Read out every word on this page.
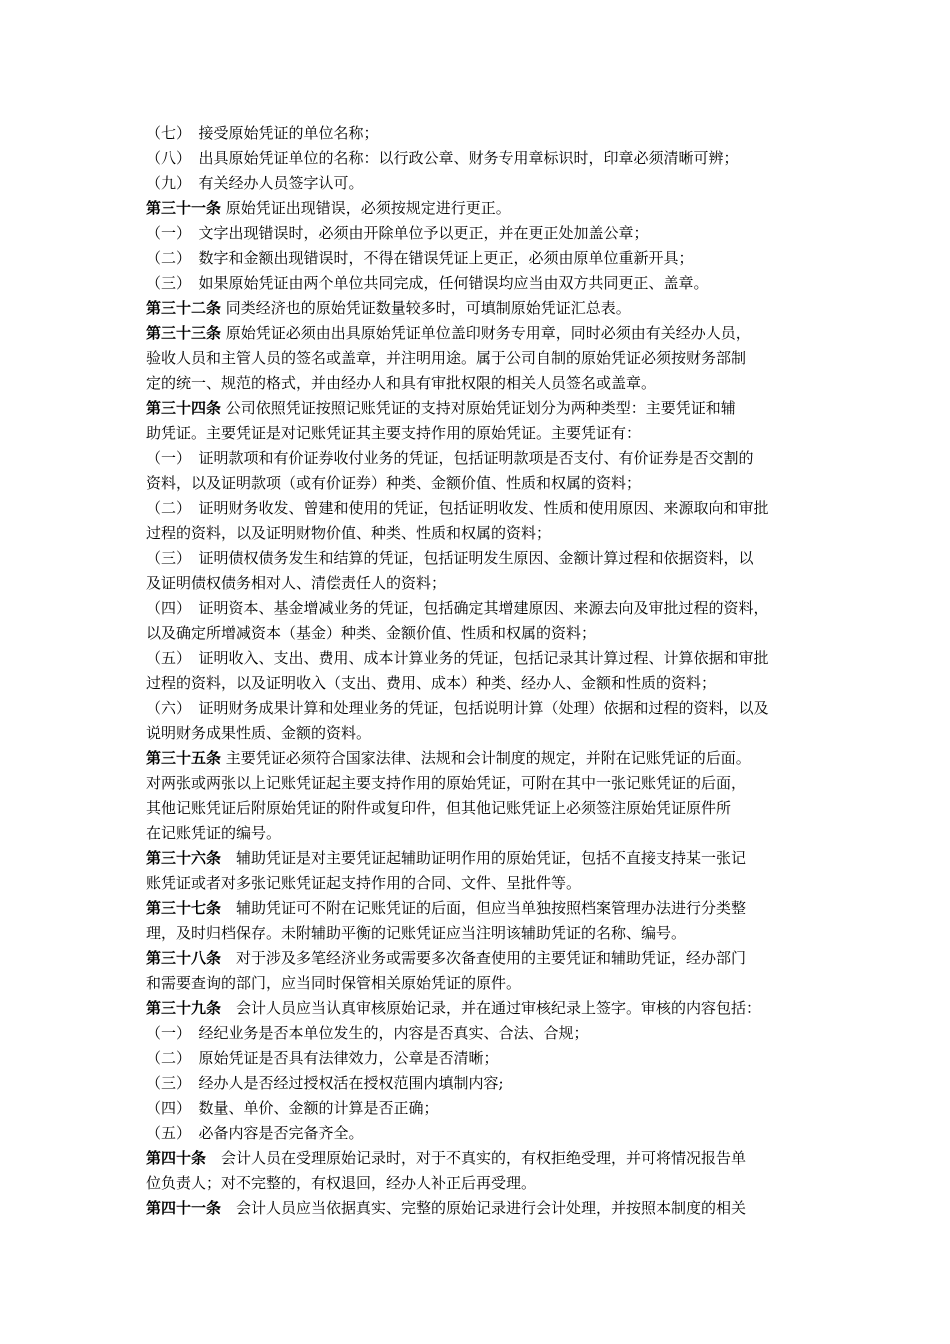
（七）　接受原始凭证的单位名称；
（八）　出具原始凭证单位的名称：以行政公章、财务专用章标识时，印章必须清晰可辨；
（九）　有关经办人员签字认可。
第三十一条 原始凭证出现错误，必须按规定进行更正。
（一）　文字出现错误时，必须由开除单位予以更正，并在更正处加盖公章；
（二）　数字和金额出现错误时，不得在错误凭证上更正，必须由原单位重新开具；
（三）　如果原始凭证由两个单位共同完成，任何错误均应当由双方共同更正、盖章。
第三十二条 同类经济也的原始凭证数量较多时，可填制原始凭证汇总表。
第三十三条 原始凭证必须由出具原始凭证单位盖印财务专用章，同时必须由有关经办人员，
验收人员和主管人员的签名或盖章，并注明用途。属于公司自制的原始凭证必须按财务部制
定的统一、规范的格式，并由经办人和具有审批权限的相关人员签名或盖章。
第三十四条 公司依照凭证按照记账凭证的支持对原始凭证划分为两种类型：主要凭证和辅
助凭证。主要凭证是对记账凭证其主要支持作用的原始凭证。主要凭证有：
（一）　证明款项和有价证券收付业务的凭证，包括证明款项是否支付、有价证券是否交割的
资料，以及证明款项（或有价证券）种类、金额价值、性质和权属的资料；
（二）　证明财务收发、曾建和使用的凭证，包括证明收发、性质和使用原因、来源取向和审批
过程的资料，以及证明财物价值、种类、性质和权属的资料；
（三）　证明债权债务发生和结算的凭证，包括证明发生原因、金额计算过程和依据资料，以
及证明债权债务相对人、清偿责任人的资料；
（四）　证明资本、基金增减业务的凭证，包括确定其增建原因、来源去向及审批过程的资料，
以及确定所增减资本（基金）种类、金额价值、性质和权属的资料；
（五）　证明收入、支出、费用、成本计算业务的凭证，包括记录其计算过程、计算依据和审批
过程的资料，以及证明收入（支出、费用、成本）种类、经办人、金额和性质的资料；
（六）　证明财务成果计算和处理业务的凭证，包括说明计算（处理）依据和过程的资料，以及
说明财务成果性质、金额的资料。
第三十五条 主要凭证必须符合国家法律、法规和会计制度的规定，并附在记账凭证的后面。
对两张或两张以上记账凭证起主要支持作用的原始凭证，可附在其中一张记账凭证的后面，
其他记账凭证后附原始凭证的附件或复印件，但其他记账凭证上必须签注原始凭证原件所
在记账凭证的编号。
第三十六条　辅助凭证是对主要凭证起辅助证明作用的原始凭证，包括不直接支持某一张记
账凭证或者对多张记账凭证起支持作用的合同、文件、呈批件等。
第三十七条　辅助凭证可不附在记账凭证的后面，但应当单独按照档案管理办法进行分类整
理，及时归档保存。未附辅助平衡的记账凭证应当注明该辅助凭证的名称、编号。
第三十八条　对于涉及多笔经济业务或需要多次备查使用的主要凭证和辅助凭证，经办部门
和需要查询的部门，应当同时保管相关原始凭证的原件。
第三十九条　会计人员应当认真审核原始记录，并在通过审核纪录上签字。审核的内容包括：
（一）　经纪业务是否本单位发生的，内容是否真实、合法、合规；
（二）　原始凭证是否具有法律效力，公章是否清晰；
（三）　经办人是否经过授权活在授权范围内填制内容;
（四）　数量、单价、金额的计算是否正确；
（五）　必备内容是否完备齐全。
第四十条　会计人员在受理原始记录时，对于不真实的，有权拒绝受理，并可将情况报告单
位负责人；对不完整的，有权退回，经办人补正后再受理。
第四十一条　会计人员应当依据真实、完整的原始记录进行会计处理，并按照本制度的相关
